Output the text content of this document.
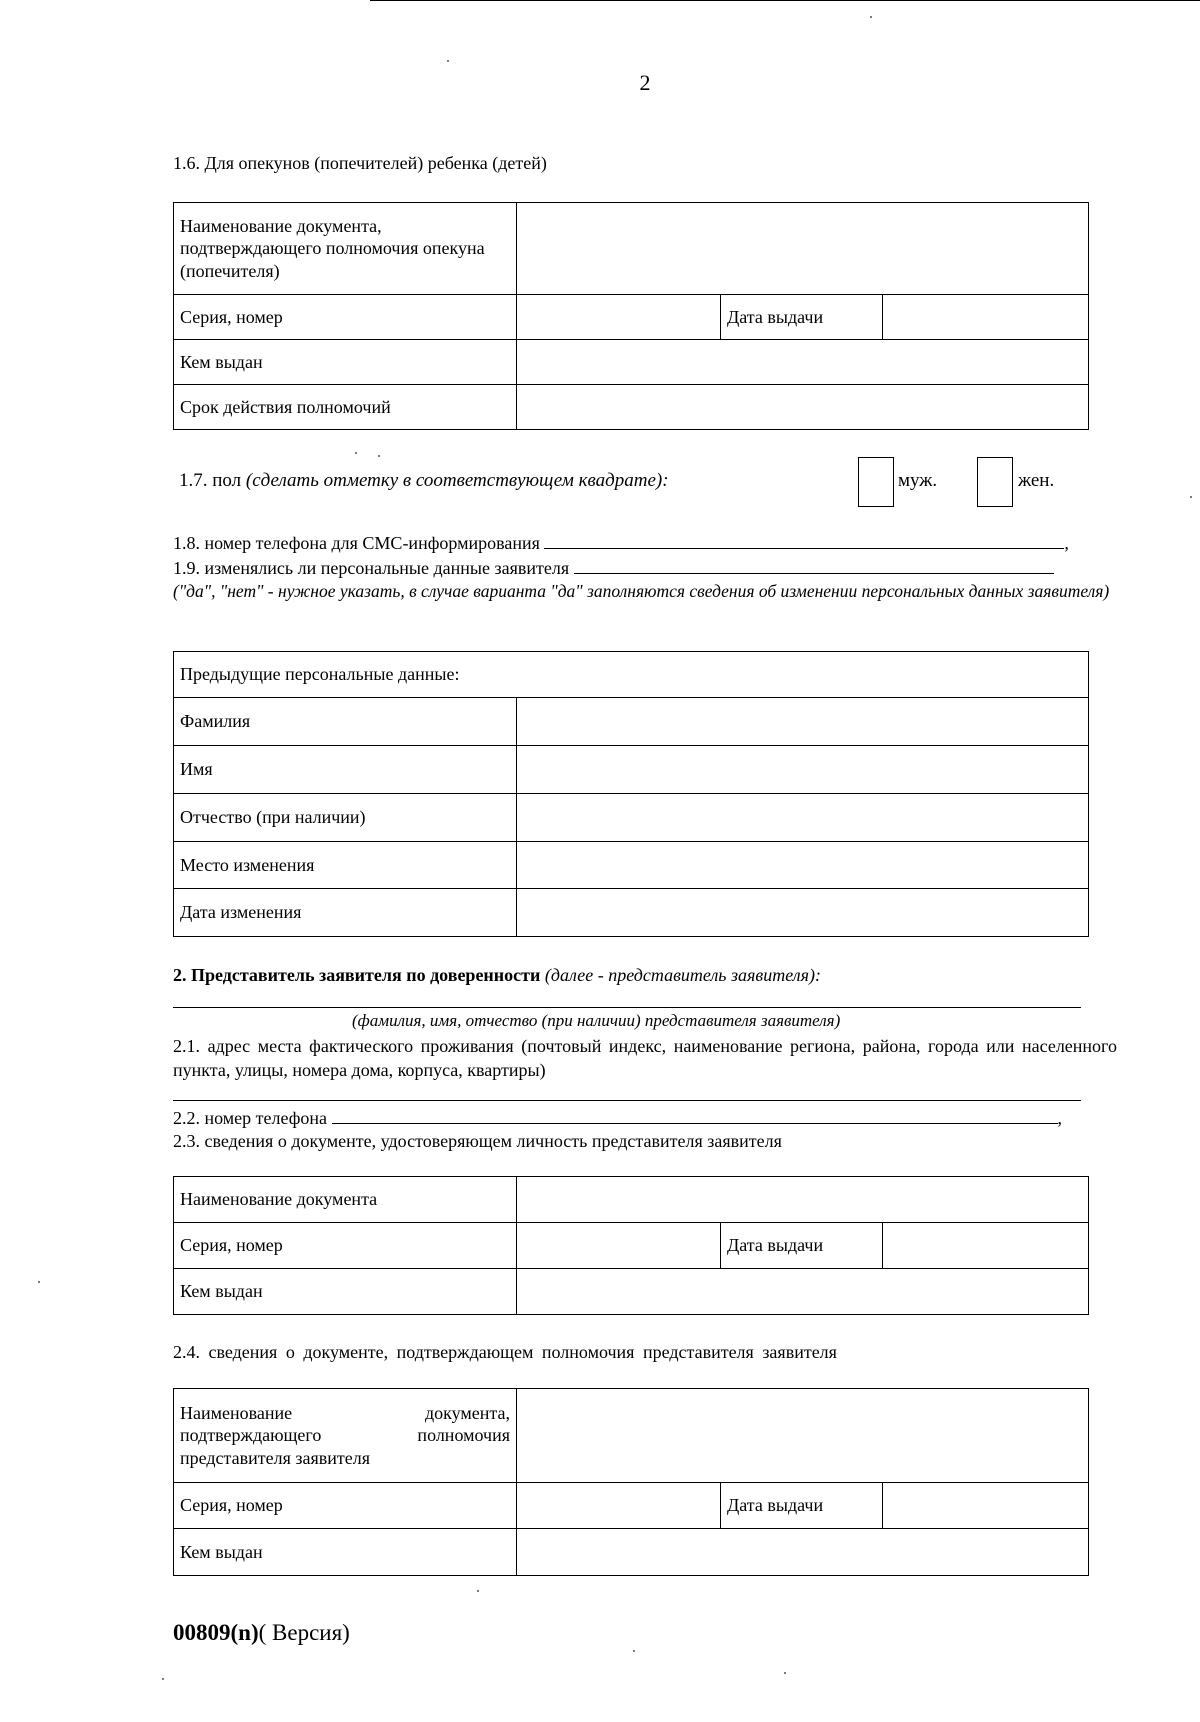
2
1.6. Для опекунов (попечителей) ребенка (детей)
Наименование документа, подтверждающего полномочия опекуна (попечителя)			
Серия, номер		Дата выдачи	
Кем выдан			
Срок действия полномочий			
1.7. пол (сделать отметку в соответствующем квадрате):	муж.	жен.
1.8. номер телефона для СМС-информирования	,
1.9. изменялись ли персональные данные заявителя
("да", "нет" - нужное указать, в случае варианта "да" заполняются сведения об изменении персональных данных заявителя)
Предыдущие персональные данные:	
Фамилия	
Имя	
Отчество (при наличии)	
Место изменения	
Дата изменения	
2. Представитель заявителя по доверенности (далее - представитель заявителя):
(фамилия, имя, отчество (при наличии) представителя заявителя)
2.1. адрес места фактического проживания (почтовый индекс, наименование региона, района, города или населенного пункта, улицы, номера дома, корпуса, квартиры)
2.2. номер телефона	,
2.3. сведения о документе, удостоверяющем личность представителя заявителя
Наименование документа			
Серия, номер		Дата выдачи	
Кем выдан			
2.4. сведения о документе, подтверждающем полномочия представителя заявителя
Наименование документа, подтверждающего полномочия представителя заявителя			
Серия, номер		Дата выдачи	
Кем выдан			
00809(n)( Версия)
